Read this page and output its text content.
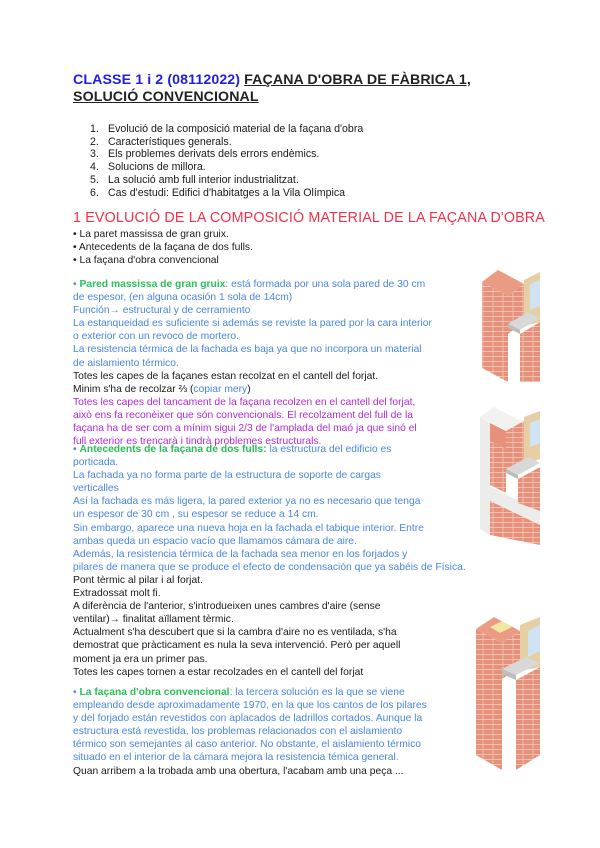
CLASSE 1 i 2 (08112022) FAÇANA D'OBRA DE FÀBRICA 1,
SOLUCIÓ CONVENCIONAL
1. Evolució de la composició material de la façana d'obra
2. Característiques generals.
3. Els problemes derivats dels errors endèmics.
4. Solucions de millora.
5. La solució amb full interior industrialitzat.
6. Cas d'estudi: Edifici d'habitatges a la Vila Olímpica
1 EVOLUCIÓ DE LA COMPOSICIÓ MATERIAL DE LA FAÇANA D'OBRA
• La paret massissa de gran gruix.
• Antecedents de la façana de dos fulls.
• La façana d'obra convencional
• Pared massissa de gran gruix: está formada por una sola pared de 30 cm
de espesor, (en alguna ocasión 1 sola de 14cm)
Función→ estructural y de cerramiento
La estanqueidad es suficiente si además se reviste la pared por la cara interior
o exterior con un revoco de mortero.
La resistencia térmica de la fachada es baja ya que no incorpora un material
de aislamiento térmico.
Totes les capes de la façanes estan recolzat en el cantell del forjat.
Minim s'ha de recolzar ⅔ (copiar mery)
Totes les capes del tancament de la façana recolzen en el cantell del forjat,
això ens fa reconèixer que són convencionals. El recolzament del full de la
façana ha de ser com a mínim sigui 2/3 de l'amplada del maó ja que sinó el
full exterior es trencarà i tindrà problemes estructurals.
• Antecedents de la façana de dos fulls: la estructura del edificio es
porticada.
La fachada ya no forma parte de la estructura de soporte de cargas
verticalles
Así la fachada es más ligera, la pared exterior ya no es necesario que tenga
un espesor de 30 cm , su espesor se reduce a 14 cm.
Sin embargo, aparece una nueva hoja en la fachada el tabique interior. Entre
ambas queda un espacio vacío que llamamos cámara de aire.
Además, la resistencia térmica de la fachada sea menor en los forjados y
pilares de manera que se produce el efecto de condensación que ya sabéis de Física.
Pont tèrmic al pilar i al forjat.
Extradossat molt fi.
A diferència de l'anterior, s'introdueixen unes cambres d'aire (sense
ventilar)→ finalitat aïllament tèrmic.
Actualment s'ha descubert que si la cambra d'aire no es ventilada, s'ha
demostrat que pràcticament es nula la seva intervenció. Però per aquell
moment ja era un primer pas.
Totes les capes tornen a estar recolzades en el cantell del forjat
• La façana d'obra convencional: la tercera solución es la que se viene
empleando desde aproximadamente 1970, en la que los cantos de los pilares
y del forjado están revestidos con aplacados de ladrillos cortados. Aunque la
estructura está revestida, los problemas relacionados con el aislamiento
térmico son semejantes al caso anterior. No obstante, el aislamiento térmico
situado en el interior de la cámara mejora la resistencia témica general.
Quan arribem a la trobada amb una obertura, l'acabam amb una peça ...
